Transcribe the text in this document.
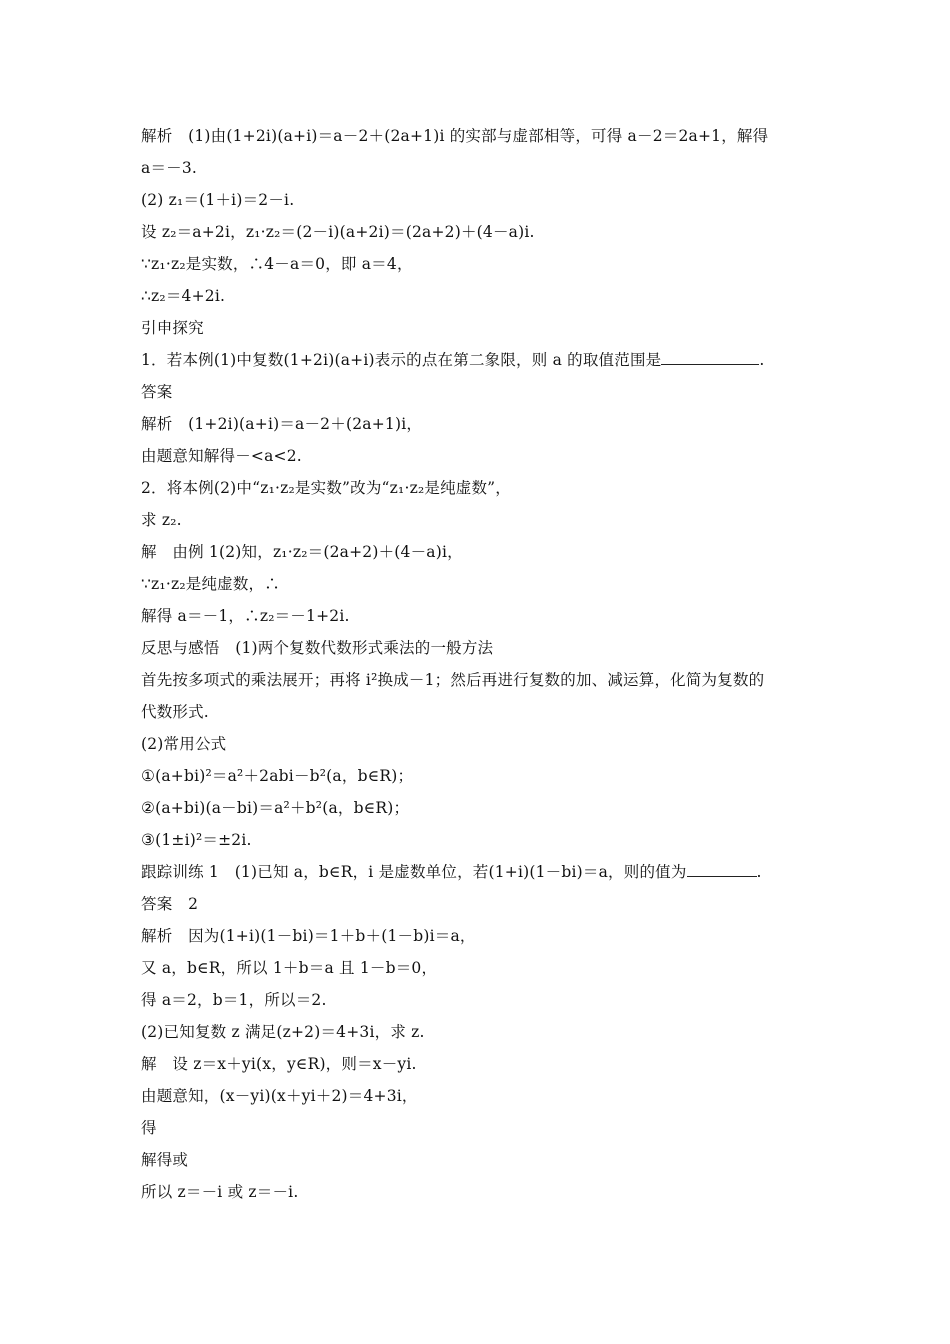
解析　(1)由(1+2i)(a+i)＝a－2＋(2a+1)i 的实部与虚部相等，可得 a－2＝2a+1，解得
a＝－3.
(2) z₁＝(1＋i)＝2－i.
设 z₂＝a+2i，z₁·z₂＝(2－i)(a+2i)＝(2a+2)＋(4－a)i.
∵z₁·z₂是实数，∴4－a＝0，即 a＝4，
∴z₂＝4+2i.
引申探究
1．若本例(1)中复数(1+2i)(a+i)表示的点在第二象限，则 a 的取值范围是	.
答案
解析　(1+2i)(a+i)＝a－2＋(2a+1)i，
由题意知解得－<a<2.
2．将本例(2)中“z₁·z₂是实数”改为“z₁·z₂是纯虚数”，
求 z₂.
解　由例 1(2)知，z₁·z₂＝(2a+2)＋(4－a)i，
∵z₁·z₂是纯虚数，∴
解得 a＝－1，∴z₂＝－1+2i.
反思与感悟　(1)两个复数代数形式乘法的一般方法
首先按多项式的乘法展开；再将 i²换成－1；然后再进行复数的加、减运算，化简为复数的
代数形式.
(2)常用公式
①(a+bi)²＝a²＋2abi－b²(a，b∈R)；
②(a+bi)(a－bi)＝a²＋b²(a，b∈R)；
③(1±i)²＝±2i.
跟踪训练 1　(1)已知 a，b∈R，i 是虚数单位，若(1+i)(1－bi)＝a，则的值为	.
答案　2
解析　因为(1+i)(1－bi)＝1＋b＋(1－b)i＝a，
又 a，b∈R，所以 1＋b＝a 且 1－b＝0，
得 a＝2，b＝1，所以＝2.
(2)已知复数 z 满足(z+2)＝4+3i，求 z.
解　设 z＝x＋yi(x，y∈R)，则＝x－yi.
由题意知，(x－yi)(x＋yi＋2)＝4+3i，
得
解得或
所以 z＝－i 或 z＝－i.
